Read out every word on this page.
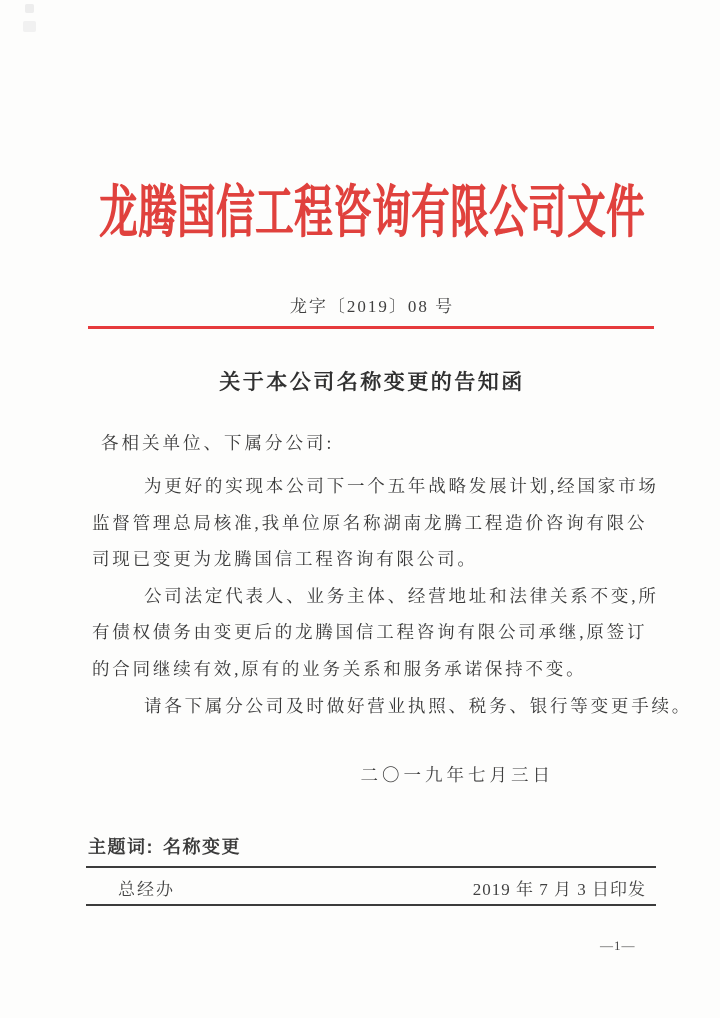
龙腾国信工程咨询有限公司文件
龙字〔2019〕08 号
关于本公司名称变更的告知函
各相关单位、下属分公司:
为更好的实现本公司下一个五年战略发展计划,经国家市场
监督管理总局核准,我单位原名称湖南龙腾工程造价咨询有限公
司现已变更为龙腾国信工程咨询有限公司。
公司法定代表人、业务主体、经营地址和法律关系不变,所
有债权债务由变更后的龙腾国信工程咨询有限公司承继,原签订
的合同继续有效,原有的业务关系和服务承诺保持不变。
请各下属分公司及时做好营业执照、税务、银行等变更手续。
二〇一九年七月三日
主题词: 名称变更
总经办	2019 年 7 月 3 日印发
—1—
